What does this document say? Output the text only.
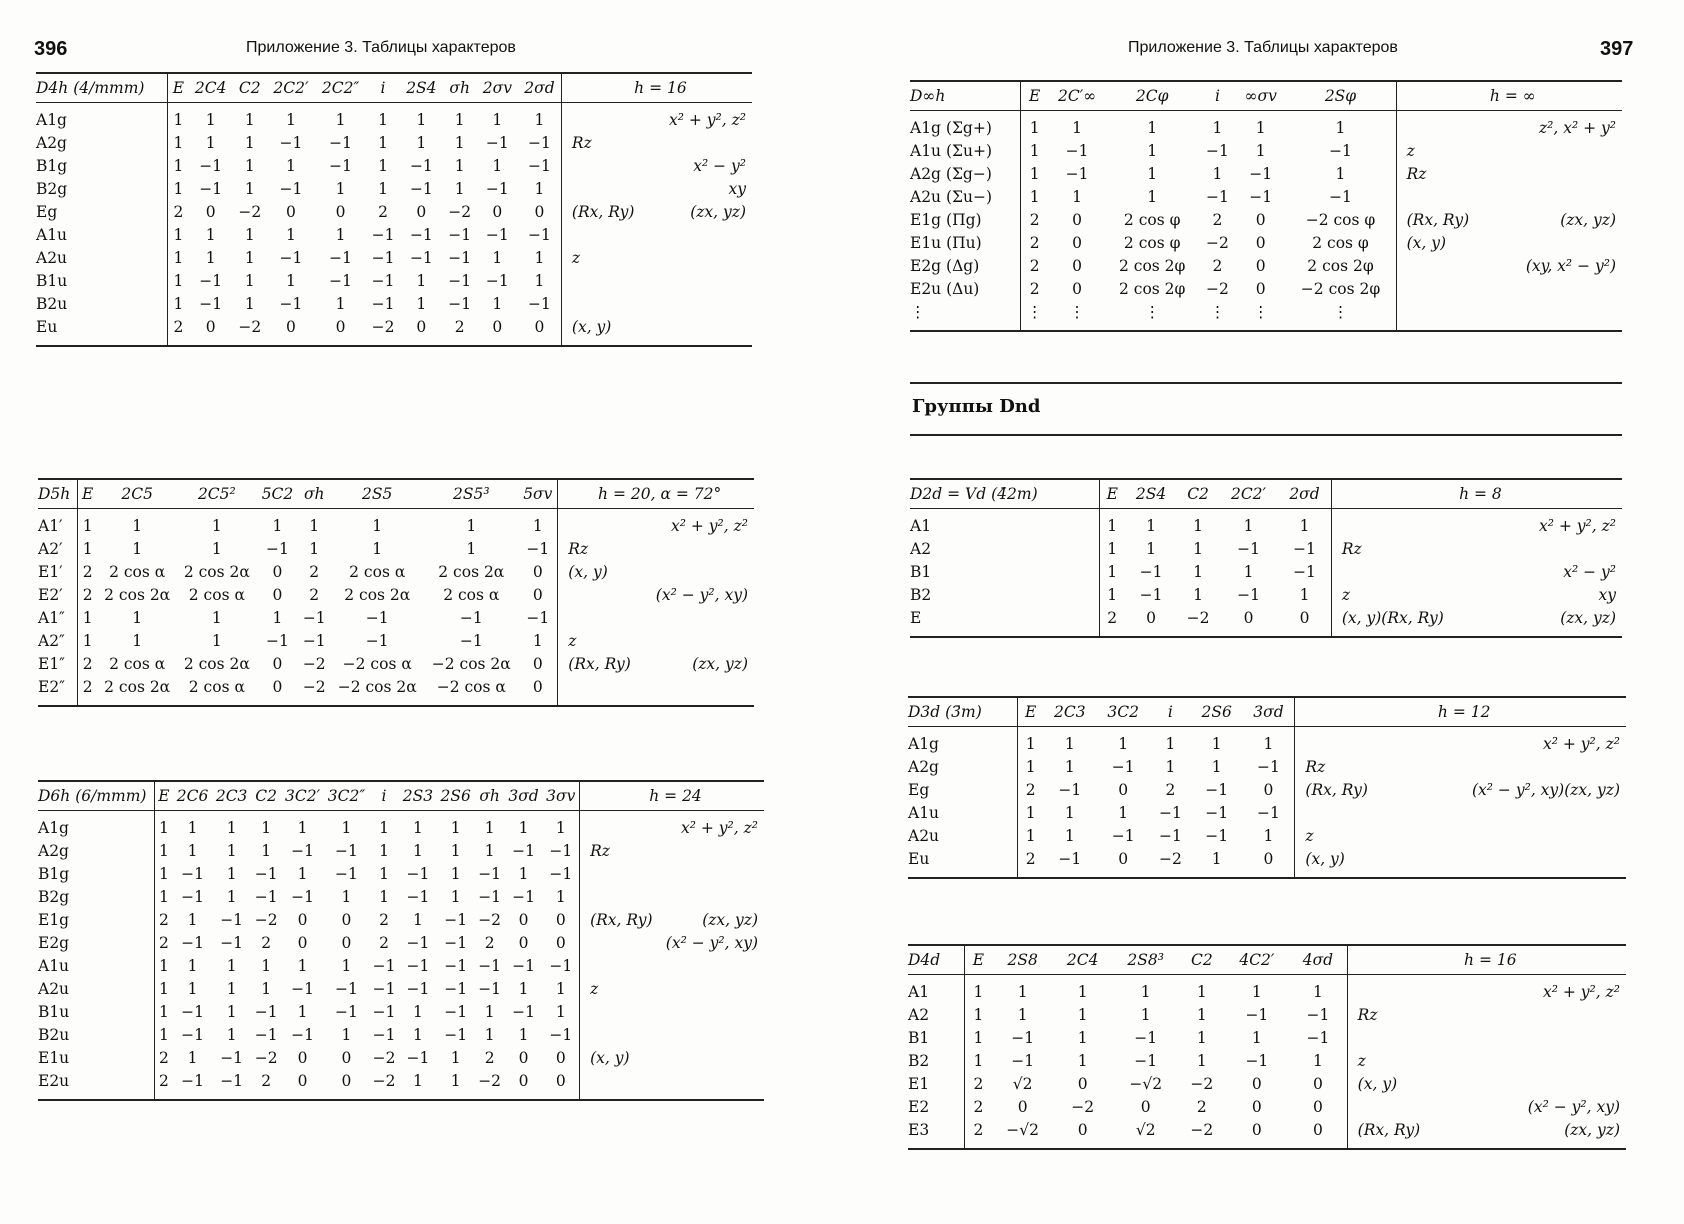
396	Приложение 3. Таблицы характеров
D4h (4/mmm)	E	2C4	C2	2C2′	2C2″	i	2S4	σh	2σv	2σd	h = 16	
A1g	1	1	1	1	1	1	1	1	1	1		x² + y², z²
A2g	1	1	1	−1	−1	1	1	1	−1	−1	Rz	
B1g	1	−1	1	1	−1	1	−1	1	1	−1		x² − y²
B2g	1	−1	1	−1	1	1	−1	1	−1	1		xy
Eg	2	0	−2	0	0	2	0	−2	0	0	(Rx, Ry)	(zx, yz)
A1u	1	1	1	1	1	−1	−1	−1	−1	−1		
A2u	1	1	1	−1	−1	−1	−1	−1	1	1	z	
B1u	1	−1	1	1	−1	−1	1	−1	−1	1		
B2u	1	−1	1	−1	1	−1	1	−1	1	−1		
Eu	2	0	−2	0	0	−2	0	2	0	0	(x, y)	
D5h	E	2C5	2C5²	5C2	σh	2S5	2S5³	5σv	h = 20, α = 72°	
A1′	1	1	1	1	1	1	1	1		x² + y², z²
A2′	1	1	1	−1	1	1	1	−1	Rz	
E1′	2	2 cos α	2 cos 2α	0	2	2 cos α	2 cos 2α	0	(x, y)	
E2′	2	2 cos 2α	2 cos α	0	2	2 cos 2α	2 cos α	0		(x² − y², xy)
A1″	1	1	1	1	−1	−1	−1	−1		
A2″	1	1	1	−1	−1	−1	−1	1	z	
E1″	2	2 cos α	2 cos 2α	0	−2	−2 cos α	−2 cos 2α	0	(Rx, Ry)	(zx, yz)
E2″	2	2 cos 2α	2 cos α	0	−2	−2 cos 2α	−2 cos α	0		
D6h (6/mmm)	E	2C6	2C3	C2	3C2′	3C2″	i	2S3	2S6	σh	3σd	3σv	h = 24	
A1g	1	1	1	1	1	1	1	1	1	1	1	1		x² + y², z²
A2g	1	1	1	1	−1	−1	1	1	1	1	−1	−1	Rz	
B1g	1	−1	1	−1	1	−1	1	−1	1	−1	1	−1		
B2g	1	−1	1	−1	−1	1	1	−1	1	−1	−1	1		
E1g	2	1	−1	−2	0	0	2	1	−1	−2	0	0	(Rx, Ry)	(zx, yz)
E2g	2	−1	−1	2	0	0	2	−1	−1	2	0	0		(x² − y², xy)
A1u	1	1	1	1	1	1	−1	−1	−1	−1	−1	−1		
A2u	1	1	1	1	−1	−1	−1	−1	−1	−1	1	1	z	
B1u	1	−1	1	−1	1	−1	−1	1	−1	1	−1	1		
B2u	1	−1	1	−1	−1	1	−1	1	−1	1	1	−1		
E1u	2	1	−1	−2	0	0	−2	−1	1	2	0	0	(x, y)	
E2u	2	−1	−1	2	0	0	−2	1	1	−2	0	0		
Приложение 3. Таблицы характеров	397
D∞h	E	2C′∞	2Cφ	i	∞σv	2Sφ	h = ∞	
A1g (Σg+)	1	1	1	1	1	1		z², x² + y²
A1u (Σu+)	1	−1	1	−1	1	−1	z	
A2g (Σg−)	1	−1	1	1	−1	1	Rz	
A2u (Σu−)	1	1	1	−1	−1	−1		
E1g (Πg)	2	0	2 cos φ	2	0	−2 cos φ	(Rx, Ry)	(zx, yz)
E1u (Πu)	2	0	2 cos φ	−2	0	2 cos φ	(x, y)	
E2g (Δg)	2	0	2 cos 2φ	2	0	2 cos 2φ		(xy, x² − y²)
E2u (Δu)	2	0	2 cos 2φ	−2	0	−2 cos 2φ		
⋮	⋮	⋮	⋮	⋮	⋮	⋮		
Группы Dnd
D2d = Vd (4̄2m)	E	2S4	C2	2C2′	2σd	h = 8	
A1	1	1	1	1	1		x² + y², z²
A2	1	1	1	−1	−1	Rz	
B1	1	−1	1	1	−1		x² − y²
B2	1	−1	1	−1	1	z	xy
E	2	0	−2	0	0	(x, y)(Rx, Ry)	(zx, yz)
D3d (3̄m)	E	2C3	3C2	i	2S6	3σd	h = 12	
A1g	1	1	1	1	1	1		x² + y², z²
A2g	1	1	−1	1	1	−1	Rz	
Eg	2	−1	0	2	−1	0	(Rx, Ry)	(x² − y², xy)(zx, yz)
A1u	1	1	1	−1	−1	−1		
A2u	1	1	−1	−1	−1	1	z	
Eu	2	−1	0	−2	1	0	(x, y)	
D4d	E	2S8	2C4	2S8³	C2	4C2′	4σd	h = 16	
A1	1	1	1	1	1	1	1		x² + y², z²
A2	1	1	1	1	1	−1	−1	Rz	
B1	1	−1	1	−1	1	1	−1		
B2	1	−1	1	−1	1	−1	1	z	
E1	2	√2	0	−√2	−2	0	0	(x, y)	
E2	2	0	−2	0	2	0	0		(x² − y², xy)
E3	2	−√2	0	√2	−2	0	0	(Rx, Ry)	(zx, yz)
